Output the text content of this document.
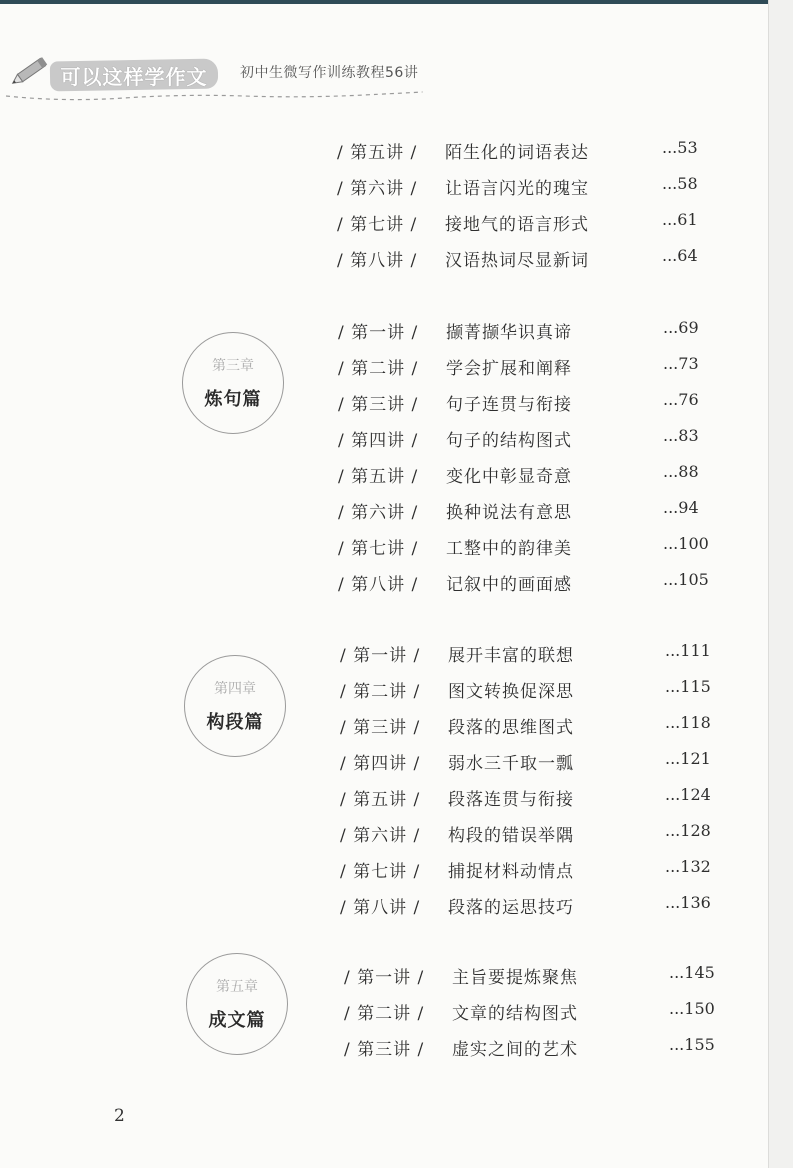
可以这样学作文 初中生微写作训练教程56讲
/ 第五讲 / 陌生化的词语表达	...53
/ 第六讲 / 让语言闪光的瑰宝	...58
/ 第七讲 / 接地气的语言形式	...61
/ 第八讲 / 汉语热词尽显新词	...64
第三章
炼句篇
/ 第一讲 / 撷菁撷华识真谛	...69
/ 第二讲 / 学会扩展和阐释	...73
/ 第三讲 / 句子连贯与衔接	...76
/ 第四讲 / 句子的结构图式	...83
/ 第五讲 / 变化中彰显奇意	...88
/ 第六讲 / 换种说法有意思	...94
/ 第七讲 / 工整中的韵律美	...100
/ 第八讲 / 记叙中的画面感	...105
第四章
构段篇
/ 第一讲 / 展开丰富的联想	...111
/ 第二讲 / 图文转换促深思	...115
/ 第三讲 / 段落的思维图式	...118
/ 第四讲 / 弱水三千取一瓢	...121
/ 第五讲 / 段落连贯与衔接	...124
/ 第六讲 / 构段的错误举隅	...128
/ 第七讲 / 捕捉材料动情点	...132
/ 第八讲 / 段落的运思技巧	...136
第五章
成文篇
/ 第一讲 / 主旨要提炼聚焦	...145
/ 第二讲 / 文章的结构图式	...150
/ 第三讲 / 虚实之间的艺术	...155
2
